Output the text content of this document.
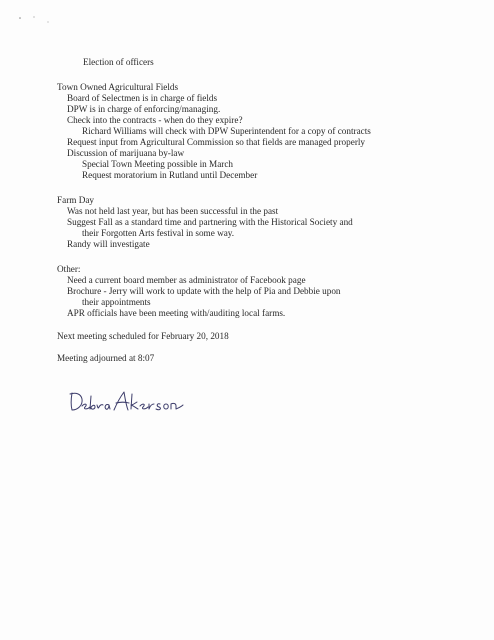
Election of officers
Town Owned Agricultural Fields
Board of Selectmen is in charge of fields
DPW is in charge of enforcing/managing.
Check into the contracts - when do they expire?
Richard Williams will check with DPW Superintendent for a copy of contracts
Request input from Agricultural Commission so that fields are managed properly
Discussion of marijuana by-law
Special Town Meeting possible in March
Request moratorium in Rutland until December
Farm Day
Was not held last year, but has been successful in the past
Suggest Fall as a standard time and partnering with the Historical Society and
their Forgotten Arts festival in some way.
Randy will investigate
Other:
Need a current board member as administrator of Facebook page
Brochure - Jerry will work to update with the help of Pia and Debbie upon
their appointments
APR officials have been meeting with/auditing local farms.
Next meeting scheduled for February 20, 2018
Meeting adjourned at 8:07
